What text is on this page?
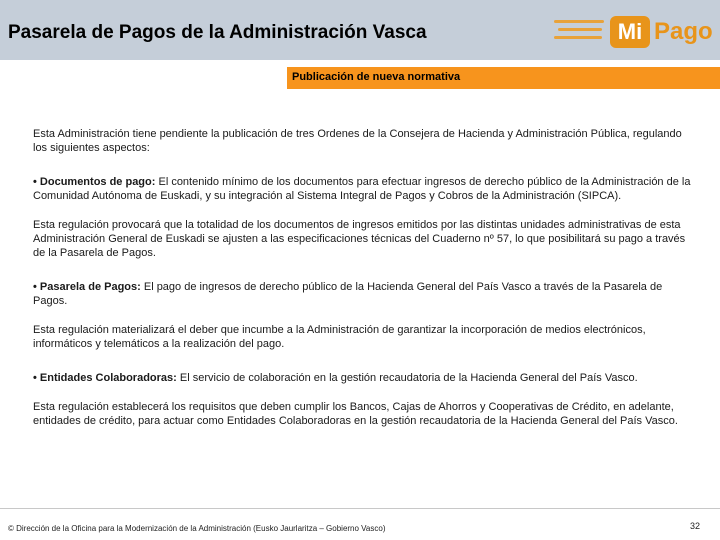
Pasarela de Pagos de la Administración Vasca	Mi Pago
Publicación de nueva normativa

Esta Administración tiene pendiente la publicación de tres Ordenes de la Consejera de Hacienda y Administración Pública, regulando los siguientes aspectos:

• Documentos de pago: El contenido mínimo de los documentos para efectuar ingresos de derecho público de la Administración de la Comunidad Autónoma de Euskadi, y su integración al Sistema Integral de Pagos y Cobros de la Administración (SIPCA).

Esta regulación provocará que la totalidad de los documentos de ingresos emitidos por las distintas unidades administrativas de esta Administración General de Euskadi se ajusten a las especificaciones técnicas del Cuaderno nº 57, lo que posibilitará su pago a través de la Pasarela de Pagos.

• Pasarela de Pagos: El pago de ingresos de derecho público de la Hacienda General del País Vasco a través de la Pasarela de Pagos.

Esta regulación materializará el deber que incumbe a la Administración de garantizar la incorporación de medios electrónicos, informáticos y telemáticos a la realización del pago.

• Entidades Colaboradoras: El servicio de colaboración en la gestión recaudatoria de la Hacienda General del País Vasco.

Esta regulación establecerá los requisitos que deben cumplir los Bancos, Cajas de Ahorros y Cooperativas de Crédito, en adelante, entidades de crédito, para actuar como Entidades Colaboradoras en la gestión recaudatoria de la Hacienda General del País Vasco.

© Dirección de la Oficina para la Modernización de la Administración (Eusko Jaurlaritza – Gobierno Vasco)	32
